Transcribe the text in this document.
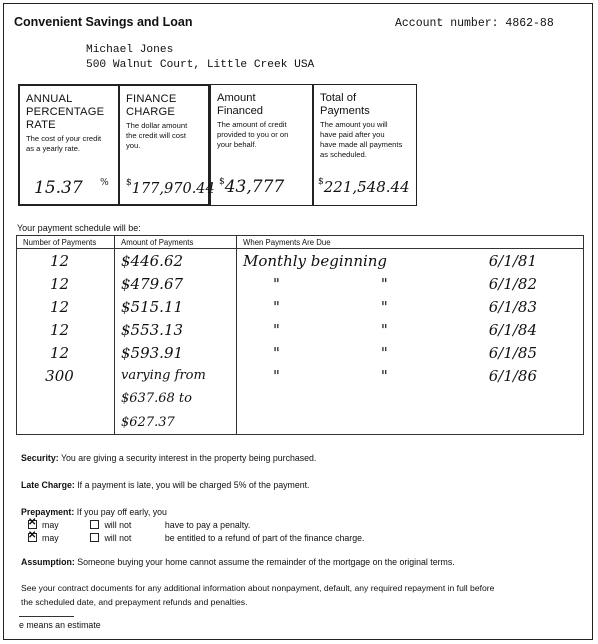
Convenient Savings and Loan	Account number: 4862-88
Michael Jones
500 Walnut Court, Little Creek USA
ANNUAL
PERCENTAGE
RATE
The cost of your credit
as a yearly rate.
15.37 %
FINANCE
CHARGE
The dollar amount
the credit will cost
you.
$177,970.44
Amount
Financed
The amount of credit
provided to you or on
your behalf.
$43,777
Total of
Payments
The amount you will
have paid after you
have made all payments
as scheduled.
$221,548.44
Your payment schedule will be:
Number of Payments	Amount of Payments	When Payments Are Due
12	$446.62	Monthly beginning 6/1/81

12	$479.67	" " 6/1/82

12	$515.11	" " 6/1/83

12	$553.13	" " 6/1/84

12	$593.91	" " 6/1/85

300	varying from	" " 6/1/86

	$637.68 to	
	$627.37	
Security: You are giving a security interest in the property being purchased.
Late Charge: If a payment is late, you will be charged 5% of the payment.
Prepayment: If you pay off early, you
✕may	will not	have to pay a penalty.
✕may	will not	be entitled to a refund of part of the finance charge.
Assumption: Someone buying your home cannot assume the remainder of the mortgage on the original terms.
See your contract documents for any additional information about nonpayment, default, any required repayment in full before
the scheduled date, and prepayment refunds and penalties.
e means an estimate
